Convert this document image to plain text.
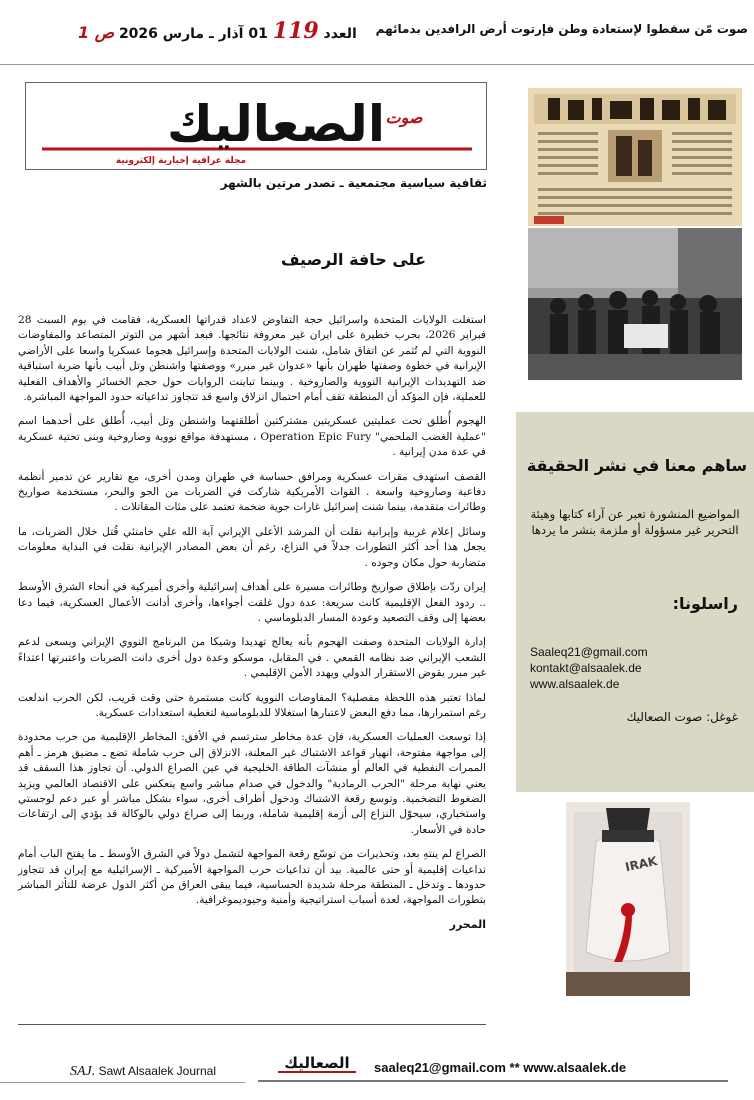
العدد 119 01 آذار ـ مارس 2026 ص 1	صوت مّن سقطوا لإستعادة وطن فإرتوت أرض الرافدين بدمائهم
الصعاليك صوت
مجلة عراقية إخبارية إلكترونية
ثقافية سياسية مجتمعية ـ تصدر مرتين بالشهر
على حافة الرصيف

استغلت الولايات المتحدة واسرائيل حجة التفاوض لاعداد قدراتها العسكرية، فقامت في يوم السبت 28 فبراير 2026، بحرب خطيرة على ايران غير معروفة نتائجها. فبعد أشهر من التوتر المتصاعد والمفاوضات النووية التي لم تُثمر عن اتفاق شامل، شنت الولايات المتحدة وإسرائيل هجوما عسكريا واسعا على الأراضي الإيرانية في خطوة وصفتها طهران بأنها «عدوان غير مبرر» ووصفتها واشنطن وتل أبيب بأنها ضربة استباقية ضد التهديدات الإيرانية النووية والصاروخية . وبينما تباينت الروايات حول حجم الخسائر والأهداف الفعلية للعملية، فإن المؤكد أن المنطقة تقف أمام احتمال انزلاق واسع قد تتجاوز تداعياته حدود المواجهة المباشرة.

الهجوم أُطلق تحت عمليتين عسكريتين مشتركتين أطلقتهما واشنطن وتل أبيب، أُطلق على أحدهما اسم "عملية الغضب الملحمي" Operation Epic Fury ، مستهدفة مواقع نووية وصاروخية وبنى تحتية عسكرية في عدة مدن إيرانية .

القصف استهدف مقرات عسكرية ومرافق حساسة في طهران ومدن أخرى، مع تقارير عن تدمير أنظمة دفاعية وصاروخية واسعة . القوات الأمريكية شاركت في الضربات من الجو والبحر، مستخدمة صواريخ وطائرات متقدمة، بينما شنت إسرائيل غارات جوية ضخمة تعتمد على مئات المقاتلات .

وسائل إعلام غربية وإيرانية نقلت أن المرشد الأعلى الإيراني آية الله علي خامنئي قُتل خلال الضربات، ما يجعل هذا أحد أكثر التطورات جدلاً في النزاع، رغم أن بعض المصادر الإيرانية نقلت في البداية معلومات متضاربة حول مكان وجوده .

إيران ردّت بإطلاق صواريخ وطائرات مسيرة على أهداف إسرائيلية وأخرى أميركية في أنحاء الشرق الأوسط .. ردود الفعل الإقليمية كانت سريعة: عدة دول غلقت أجواءها، وأخرى أدانت الأعمال العسكرية، فيما دعا بعضها إلى وقف التصعيد وعودة المسار الدبلوماسي .

إدارة الولايات المتحدة وصفت الهجوم بأنه يعالج تهديدا وشيكا من البرنامج النووي الإيراني ويسعى لدعم الشعب الإيراني ضد نظامه القمعي . في المقابل، موسكو وعدة دول أخرى دانت الضربات واعتبرتها اعتداءً غير مبرر يقوض الاستقرار الدولي ويهدد الأمن الإقليمي .

لماذا تعتبر هذه اللحظة مفصلية؟ المفاوضات النووية كانت مستمرة حتى وقت قريب، لكن الحرب اندلعت رغم استمرارها، مما دفع البعض لاعتبارها استغلالا للدبلوماسية لتغطية استعدادات عسكرية.

إذا توسعت العمليات العسكرية، فإن عدة مخاطر سترتسم في الأفق: المخاطر الإقليمية من حرب محدودة إلى مواجهة مفتوحة، انهيار قواعد الاشتباك غير المعلنة، الانزلاق إلى حرب شاملة تضع ـ مضيق هرمز ـ أهم الممرات النفطية في العالم أو منشآت الطاقة الخليجية في عين الصراع الدولي. أن تجاوز هذا السقف قد يعني نهاية مرحلة "الحرب الرمادية" والدخول في صدام مباشر واسع ينعكس على الاقتصاد العالمي ويزيد الضغوط التضخمية. وتوسع رقعة الاشتباك ودخول أطراف أخرى، سواء بشكل مباشر أو عبر دعم لوجستي واستخباري، سيحوّل النزاع إلى أزمة إقليمية شاملة، وربما إلى صراع دولي بالوكالة قد يؤدي إلى ارتفاعات حادة في الأسعار.

الصراع لم ينتهِ بعد، وتحذيرات من توسّع رقعة المواجهة لتشمل دولاً في الشرق الأوسط ـ ما يفتح الباب أمام تداعيات إقليمية أو حتى عالمية. بيد أن تداعيات حرب المواجهة الأميركية ـ الإسرائيلية مع إيران قد تتجاوز حدودها ـ وتدخل ـ المنطقة مرحلة شديدة الحساسية، فيما يبقى العراق من أكثر الدول عرضة للتأثر المباشر بتطورات المواجهة، لعدة أسباب استراتيجية وأمنية وجيوديموغرافية.

المحرر
ساهم معنا في نشر الحقيقة
المواضيع المنشورة تعبر عن آراء كتابها وهيئة التحرير غير مسؤولة أو ملزمة بنشر ما يردها
راسلونا:
Saaleq21@gmail.com
kontakt@alsaalek.de
www.alsaalek.de
غوغل: صوت الصعاليك
IRAK
SAJ. Sawt Alsaalek Journal	الصعاليك saaleq21@gmail.com ** www.alsaalek.de
